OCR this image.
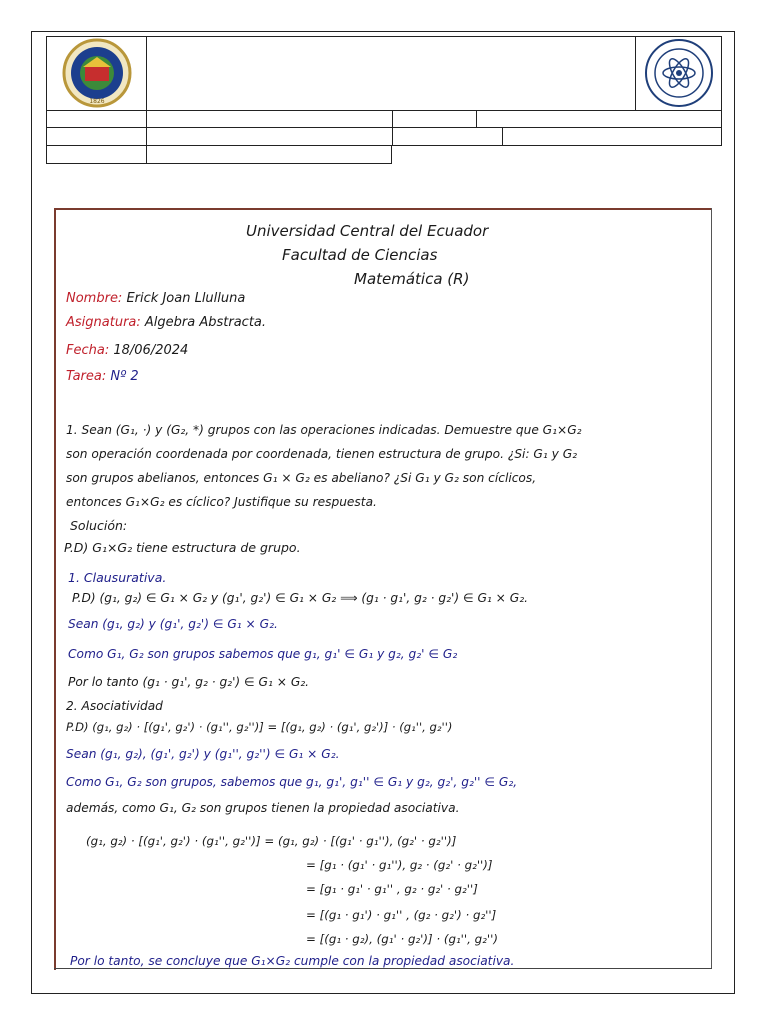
1826
Universidad Central del Ecuador
Facultad de Ciencias
Matemática (R)
Nombre: Erick Joan Llulluna
Asignatura: Algebra Abstracta.
Fecha: 18/06/2024
Tarea: Nº 2
1. Sean (G₁, ·) y (G₂, *) grupos con las operaciones indicadas. Demuestre que G₁×G₂
son operación coordenada por coordenada, tienen estructura de grupo. ¿Si: G₁ y G₂
son grupos abelianos, entonces G₁ × G₂ es abeliano? ¿Si G₁ y G₂ son cíclicos,
entonces G₁×G₂ es cíclico? Justifique su respuesta.
Solución:
P.D) G₁×G₂ tiene estructura de grupo.
1. Clausurativa.
P.D) (g₁, g₂) ∈ G₁ × G₂ y (g₁', g₂') ∈ G₁ × G₂ ⟹ (g₁ · g₁', g₂ · g₂') ∈ G₁ × G₂.
Sean (g₁, g₂) y (g₁', g₂') ∈ G₁ × G₂.
Como G₁, G₂ son grupos sabemos que g₁, g₁' ∈ G₁ y g₂, g₂' ∈ G₂
Por lo tanto (g₁ · g₁', g₂ · g₂') ∈ G₁ × G₂.
2. Asociatividad
P.D) (g₁, g₂) · [(g₁', g₂') · (g₁'', g₂'')] = [(g₁, g₂) · (g₁', g₂')] · (g₁'', g₂'')
Sean (g₁, g₂), (g₁', g₂') y (g₁'', g₂'') ∈ G₁ × G₂.
Como G₁, G₂ son grupos, sabemos que g₁, g₁', g₁'' ∈ G₁ y g₂, g₂', g₂'' ∈ G₂,
además, como G₁, G₂ son grupos tienen la propiedad asociativa.
(g₁, g₂) · [(g₁', g₂') · (g₁'', g₂'')] = (g₁, g₂) · [(g₁' · g₁''), (g₂' · g₂'')]
= [g₁ · (g₁' · g₁''), g₂ · (g₂' · g₂'')]
= [g₁ · g₁' · g₁'' , g₂ · g₂' · g₂'']
= [(g₁ · g₁') · g₁'' , (g₂ · g₂') · g₂'']
= [(g₁ · g₂), (g₁' · g₂')] · (g₁'', g₂'')
Por lo tanto, se concluye que G₁×G₂ cumple con la propiedad asociativa.
